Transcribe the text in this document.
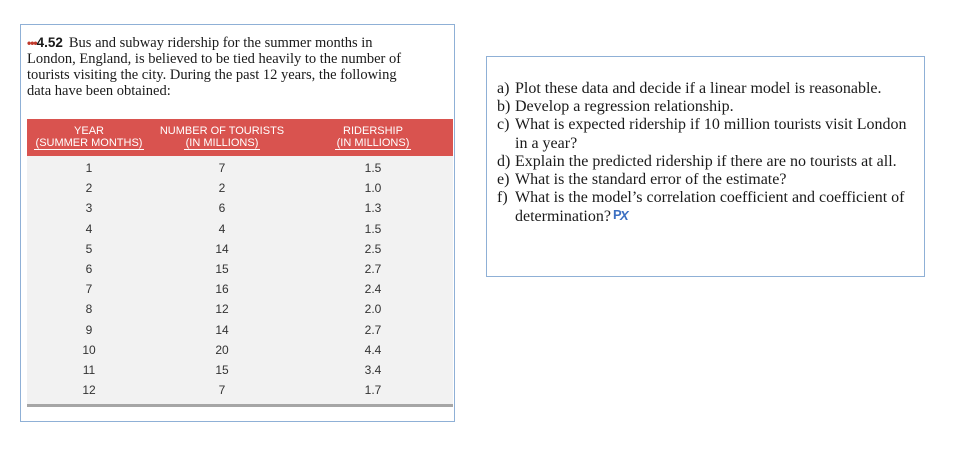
•••4.52 Bus and subway ridership for the summer months in
London, England, is believed to be tied heavily to the number of
tourists visiting the city. During the past 12 years, the following
data have been obtained:
YEAR
(SUMMER MONTHS)
NUMBER OF TOURISTS
(IN MILLIONS)
RIDERSHIP
(IN MILLIONS)
1	7	1.5
2	2	1.0
3	6	1.3
4	4	1.5
5	14	2.5
6	15	2.7
7	16	2.4
8	12	2.0
9	14	2.7
10	20	4.4
11	15	3.4
12	7	1.7
a) Plot these data and decide if a linear model is reasonable.
b) Develop a regression relationship.
c) What is expected ridership if 10 million tourists visit London in a year?
d) Explain the predicted ridership if there are no tourists at all.
e) What is the standard error of the estimate?
f) What is the model’s correlation coefficient and coefficient of determination? P
X
